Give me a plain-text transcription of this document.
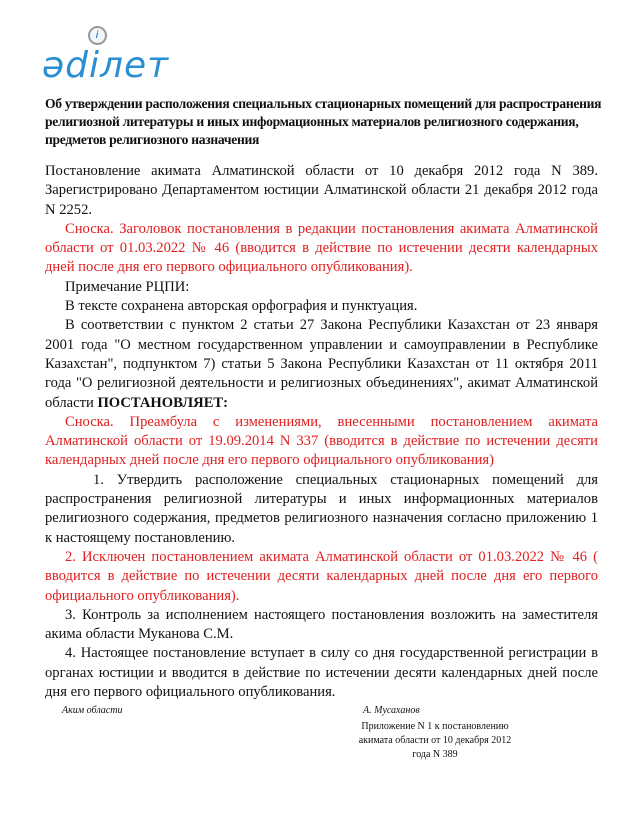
ədілет
i
Об утверждении расположения специальных стационарных помещений для распространения религиозной литературы и иных информационных материалов религиозного содержания, предметов религиозного назначения

Постановление акимата Алматинской области от 10 декабря 2012 года N 389. Зарегистрировано Департаментом юстиции Алматинской области 21 декабря 2012 года N 2252.

Сноска. Заголовок постановления в редакции постановления акимата Алматинской области от 01.03.2022 № 46 (вводится в действие по истечении десяти календарных дней после дня его первого официального опубликования).

Примечание РЦПИ:

В тексте сохранена авторская орфография и пунктуация.

В соответствии с пунктом 2 статьи 27 Закона Республики Казахстан от 23 января 2001 года "О местном государственном управлении и самоуправлении в Республике Казахстан", подпунктом 7) статьи 5 Закона Республики Казахстан от 11 октября 2011 года "О религиозной деятельности и религиозных объединениях", акимат Алматинской области ПОСТАНОВЛЯЕТ:

Сноска. Преамбула с изменениями, внесенными постановлением акимата Алматинской области от 19.09.2014 N 337 (вводится в действие по истечении десяти календарных дней после дня его первого официального опубликования)

1. Утвердить расположение специальных стационарных помещений для распространения религиозной литературы и иных информационных материалов религиозного содержания, предметов религиозного назначения согласно приложению 1 к настоящему постановлению.

2. Исключен постановлением акимата Алматинской области от 01.03.2022 № 46 ( вводится в действие по истечении десяти календарных дней после дня его первого официального опубликования).

3. Контроль за исполнением настоящего постановления возложить на заместителя акима области Муканова С.М.

4. Настоящее постановление вступает в силу со дня государственной регистрации в органах юстиции и вводится в действие по истечении десяти календарных дней после дня его первого официального опубликования.

Аким области	А. Мусаханов
Приложение N 1 к постановлению акимата области от 10 декабря 2012 года N 389
